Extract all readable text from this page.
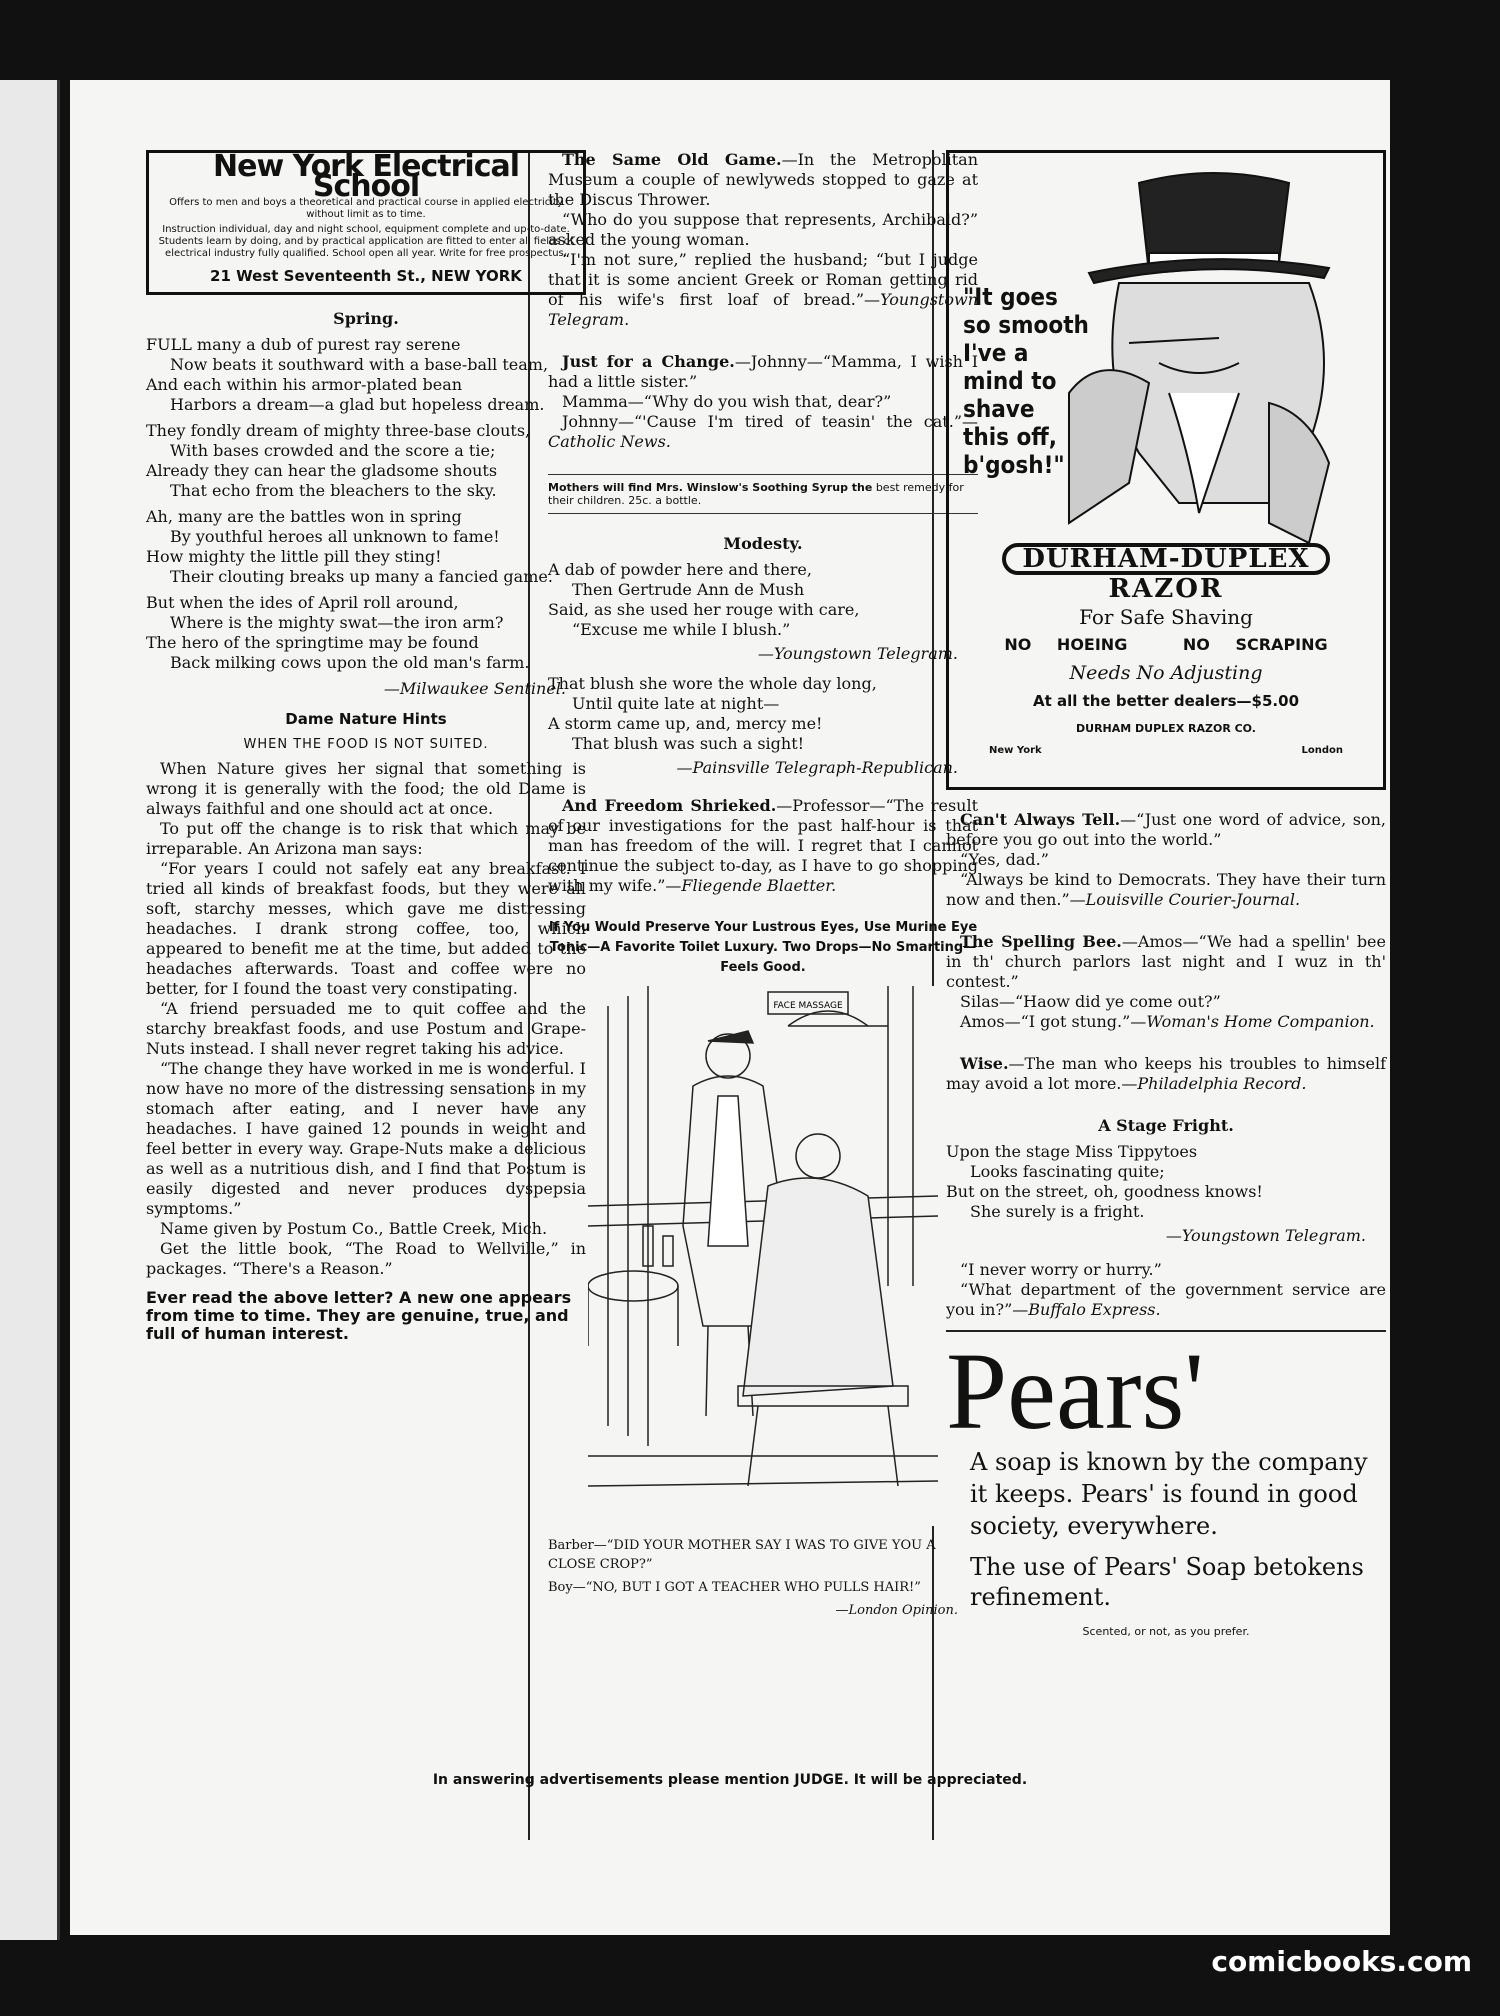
New York Electrical School
Offers to men and boys a theoretical and practical course in applied electricity without limit as to time.
Instruction individual, day and night school, equipment complete and up-to-date. Students learn by doing, and by practical application are fitted to enter all fields of electrical industry fully qualified. School open all year. Write for free prospectus.
21 West Seventeenth St., NEW YORK
Spring.
FULL many a dub of purest ray serene
Now beats it southward with a base-ball team,
And each within his armor-plated bean
Harbors a dream—a glad but hopeless dream.
They fondly dream of mighty three-base clouts,
With bases crowded and the score a tie;
Already they can hear the gladsome shouts
That echo from the bleachers to the sky.
Ah, many are the battles won in spring
By youthful heroes all unknown to fame!
How mighty the little pill they sting!
Their clouting breaks up many a fancied game.
But when the ides of April roll around,
Where is the mighty swat—the iron arm?
The hero of the springtime may be found
Back milking cows upon the old man's farm.
—Milwaukee Sentinel.
Dame Nature Hints
WHEN THE FOOD IS NOT SUITED.

When Nature gives her signal that something is wrong it is generally with the food; the old Dame is always faithful and one should act at once.

To put off the change is to risk that which may be irreparable. An Arizona man says:

“For years I could not safely eat any breakfast. I tried all kinds of breakfast foods, but they were all soft, starchy messes, which gave me distressing headaches. I drank strong coffee, too, which appeared to benefit me at the time, but added to the headaches afterwards. Toast and coffee were no better, for I found the toast very constipating.

“A friend persuaded me to quit coffee and the starchy breakfast foods, and use Postum and Grape-Nuts instead. I shall never regret taking his advice.

“The change they have worked in me is wonderful. I now have no more of the distressing sensations in my stomach after eating, and I never have any headaches. I have gained 12 pounds in weight and feel better in every way. Grape-Nuts make a delicious as well as a nutritious dish, and I find that Postum is easily digested and never produces dyspepsia symptoms.”

Name given by Postum Co., Battle Creek, Mich.

Get the little book, “The Road to Wellville,” in packages. “There's a Reason.”

Ever read the above letter? A new one appears from time to time. They are genuine, true, and full of human interest.

The Same Old Game.—In the Metropolitan Museum a couple of newlyweds stopped to gaze at the Discus Thrower.

“Who do you suppose that represents, Archibald?” asked the young woman.

“I'm not sure,” replied the husband; “but I judge that it is some ancient Greek or Roman getting rid of his wife's first loaf of bread.”—Youngstown Telegram.

Just for a Change.—Johnny—“Mamma, I wish I had a little sister.”

Mamma—“Why do you wish that, dear?”

Johnny—“'Cause I'm tired of teasin' the cat.”—Catholic News.

Mothers will find Mrs. Winslow's Soothing Syrup the best remedy for their children. 25c. a bottle.
Modesty.
A dab of powder here and there,
Then Gertrude Ann de Mush
Said, as she used her rouge with care,
“Excuse me while I blush.”
—Youngstown Telegram.
That blush she wore the whole day long,
Until quite late at night—
A storm came up, and, mercy me!
That blush was such a sight!
—Painsville Telegraph-Republican.

And Freedom Shrieked.—Professor—“The result of our investigations for the past half-hour is that man has freedom of the will. I regret that I cannot continue the subject to-day, as I have to go shopping with my wife.”—Fliegende Blaetter.

If You Would Preserve Your Lustrous Eyes, Use Murine Eye Tonic—A Favorite Toilet Luxury. Two Drops—No Smarting—Feels Good.
FACE MASSAGE
Barber—“DID YOUR MOTHER SAY I WAS TO GIVE YOU A CLOSE CROP?”
Boy—“NO, BUT I GOT A TEACHER WHO PULLS HAIR!”
—London Opinion.
"It goes
so smooth
I've a
mind to
shave
this off,
b'gosh!"
DURHAM-DUPLEX
RAZOR
For Safe Shaving
NO HOEING	NO SCRAPING
Needs No Adjusting
At all the better dealers—$5.00
DURHAM DUPLEX RAZOR CO.
New York	London

Can't Always Tell.—“Just one word of advice, son, before you go out into the world.”

“Yes, dad.”

“Always be kind to Democrats. They have their turn now and then.”—Louisville Courier-Journal.

The Spelling Bee.—Amos—“We had a spellin' bee in th' church parlors last night and I wuz in th' contest.”

Silas—“Haow did ye come out?”

Amos—“I got stung.”—Woman's Home Companion.

Wise.—The man who keeps his troubles to himself may avoid a lot more.—Philadelphia Record.

A Stage Fright.
Upon the stage Miss Tippytoes
Looks fascinating quite;
But on the street, oh, goodness knows!
She surely is a fright.
—Youngstown Telegram.

“I never worry or hurry.”

“What department of the government service are you in?”—Buffalo Express.

Pears'
A soap is known by the company it keeps. Pears' is found in good society, everywhere.
The use of Pears' Soap betokens refinement.
Scented, or not, as you prefer.
In answering advertisements please mention JUDGE. It will be appreciated.
comicbooks.com
